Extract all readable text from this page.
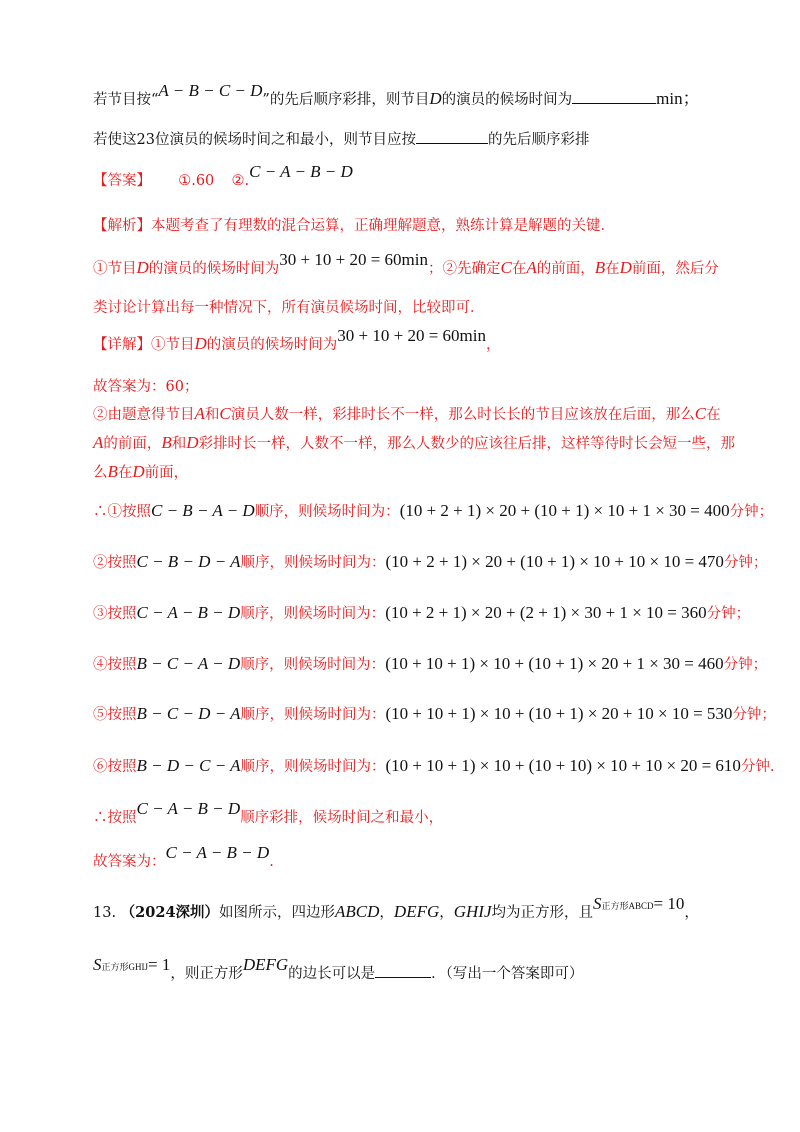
若节目按“A − B − C − D”的先后顺序彩排，则节目D的演员的候场时间为	min；
若使这23位演员的候场时间之和最小，则节目应按	的先后顺序彩排
【答案】 ①.60 ②.C − A − B − D
【解析】本题考查了有理数的混合运算，正确理解题意，熟练计算是解题的关键．
①节目D的演员的候场时间为30 + 10 + 20 = 60min；②先确定C在A的前面，B在D前面，然后分
类讨论计算出每一种情况下，所有演员候场时间，比较即可．
【详解】①节目D的演员的候场时间为30 + 10 + 20 = 60min，
故答案为：60；
②由题意得节目A和C演员人数一样，彩排时长不一样，那么时长长的节目应该放在后面，那么C在
A的前面，B和D彩排时长一样，人数不一样，那么人数少的应该往后排，这样等待时长会短一些，那
么B在D前面，
∴①按照C − B − A − D顺序，则候场时间为：(10 + 2 + 1) × 20 + (10 + 1) × 10 + 1 × 30 = 400分钟；
②按照C − B − D − A顺序，则候场时间为：(10 + 2 + 1) × 20 + (10 + 1) × 10 + 10 × 10 = 470分钟；
③按照C − A − B − D顺序，则候场时间为：(10 + 2 + 1) × 20 + (2 + 1) × 30 + 1 × 10 = 360分钟；
④按照B − C − A − D顺序，则候场时间为：(10 + 10 + 1) × 10 + (10 + 1) × 20 + 1 × 30 = 460分钟；
⑤按照B − C − D − A顺序，则候场时间为：(10 + 10 + 1) × 10 + (10 + 1) × 20 + 10 × 10 = 530分钟；
⑥按照B − D − C − A顺序，则候场时间为：(10 + 10 + 1) × 10 + (10 + 10) × 10 + 10 × 20 = 610分钟.
∴按照C − A − B − D顺序彩排，候场时间之和最小，
故答案为：C − A − B − D.
13. （2024深圳）如图所示，四边形ABCD，DEFG，GHIJ均为正方形，且$S^{正方形ABCD}= 10$，
$S^{正方形GHIJ}= 1$，则正方形DEFG的边长可以是	．（写出一个答案即可）
